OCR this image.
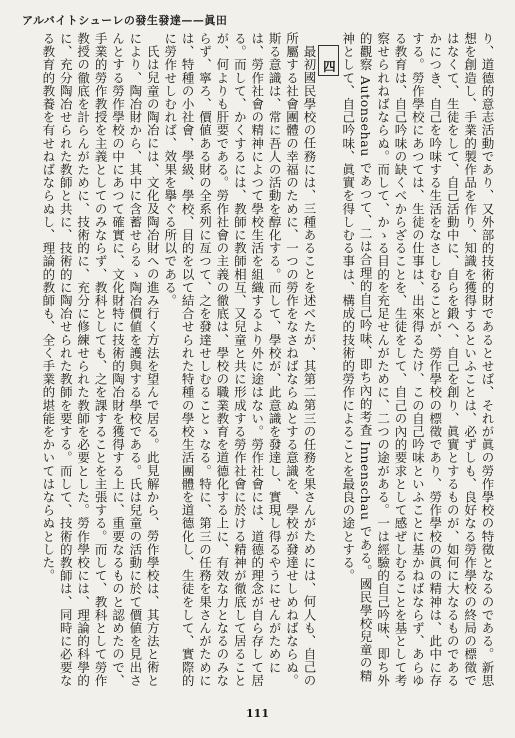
アルバイトシューレの發生發達——眞田

り、道德的意志活動であり、又外部的技術的財であるとせば、それが眞の勞作學校の特徵となるのである。新思想を創造し、手業的製作品を作り、知識を獲得するといふことは、必ずしも、良好なる勞作學校の終局の標徵ではなくて、生徒をして、自己活動中に、自らを鍛へ、自己を創り、眞實とするものが、如何に大なるものであるかにつき、自己を吟味する生活をなさしむることが、勞作學校の標徵であり、勞作學校の眞の精神は、此中に存する。勞作學校にあつては、生徒の仕事は、出來得るたけ、この自己吟味といふことに基かねばならず、あらゆる教育は、自己吟味の缺くべからざることを、生徒をして、自己の內的要求として感ぜしむることを基として考察せられねばならぬ。而して、かゝる目的を充足せんがために、二つの途がある。一は經驗的自己吟味、即ち外的觀察 Autonsehau であつて、二は合理的自己吟味、即ち內的考査 Innenschau である。國民學校兒童の精神として、自己吟味、眞實を得しむる事は、構成的技術的勞作によることを最良の途とする。

四

最初國民學校の任務には、三種あることを述べたが、其第二第三の任務を果さんがためには、何人も、自己の所屬する社會團體の幸福のために、一つの勞作をなさねばならぬとする意識を、學校が發達せしめねばならぬ。斯る意識は、常に吾人の活動を醇化する。而して、學校が、此意識を發達し、實現し得るやうにせんがためには、勞作社會の精神によつて學校生活を組織するより外に途はない。勞作社會には、道德的理念が自ら存して居る。而して、かくするには、教師に教師相互、又兒童と共に形成する勞作社會に於ける精神が徹底して居ることが、何よりも肝要である。勞作社會の主義の徹底は、學校の職業教育を道德化する上に、有效な力となるのみならず、寧ろ、價値ある財の全系列に亙つて、之を發達せしむることゝなる。特に、第三の任務を果さんがためには、特種の小社會、學級、學校、目的を以て結合せられた特種の學校生活團體を道德化し、生徒をして、實際的に勞作せしむれば、效果を擧ぐる所以である。

氏は兒童の陶冶には、文化及陶冶財への進み行く方法を望んで居る。此見解から、勞作學校は、其方法と術とにより、陶冶財から、其中に含蓄せらるゝ陶冶價値を護與する學校である。氏は兒童の活動に於て價値を見出さんとする勞作學校の中にあつて確實に、文化財特に技術的陶冶財を獲得する上に、重要なるものと認めたので、手業的勞作教授を主義としてのみならず、教科としても、之を課することを主張する。而して、教科として勞作教授の徹底を計らんがために、技術的に、充分に修練せられた教師を必要とした。勞作學校には、理論的科學的に、充分陶冶せられた教師と共に、技術的に陶冶せられた教師を要する。而して、技術的教師は、同時に必要なる教育的教養を有せねばならぬし、理論的教師も、全く手業的堪能をかいてはならぬとした。

111
